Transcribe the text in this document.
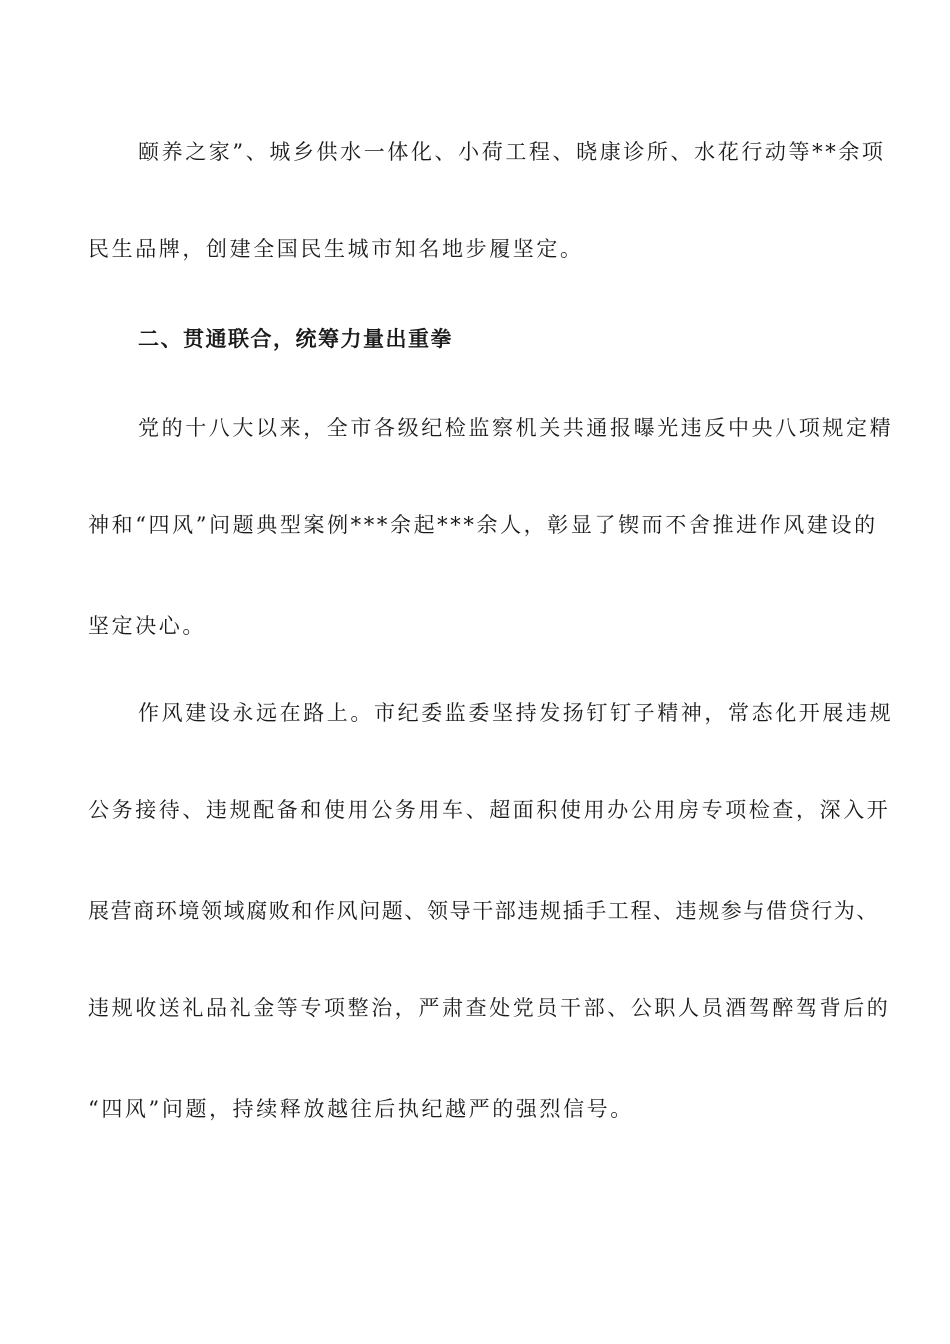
颐养之家”、城乡供水一体化、小荷工程、晓康诊所、水花行动等**余项
民生品牌，创建全国民生城市知名地步履坚定。
二、贯通联合，统筹力量出重拳
党的十八大以来，全市各级纪检监察机关共通报曝光违反中央八项规定精
神和“四风”问题典型案例***余起***余人，彰显了锲而不舍推进作风建设的
坚定决心。
作风建设永远在路上。市纪委监委坚持发扬钉钉子精神，常态化开展违规
公务接待、违规配备和使用公务用车、超面积使用办公用房专项检查，深入开
展营商环境领域腐败和作风问题、领导干部违规插手工程、违规参与借贷行为、
违规收送礼品礼金等专项整治，严肃查处党员干部、公职人员酒驾醉驾背后的
“四风”问题，持续释放越往后执纪越严的强烈信号。
